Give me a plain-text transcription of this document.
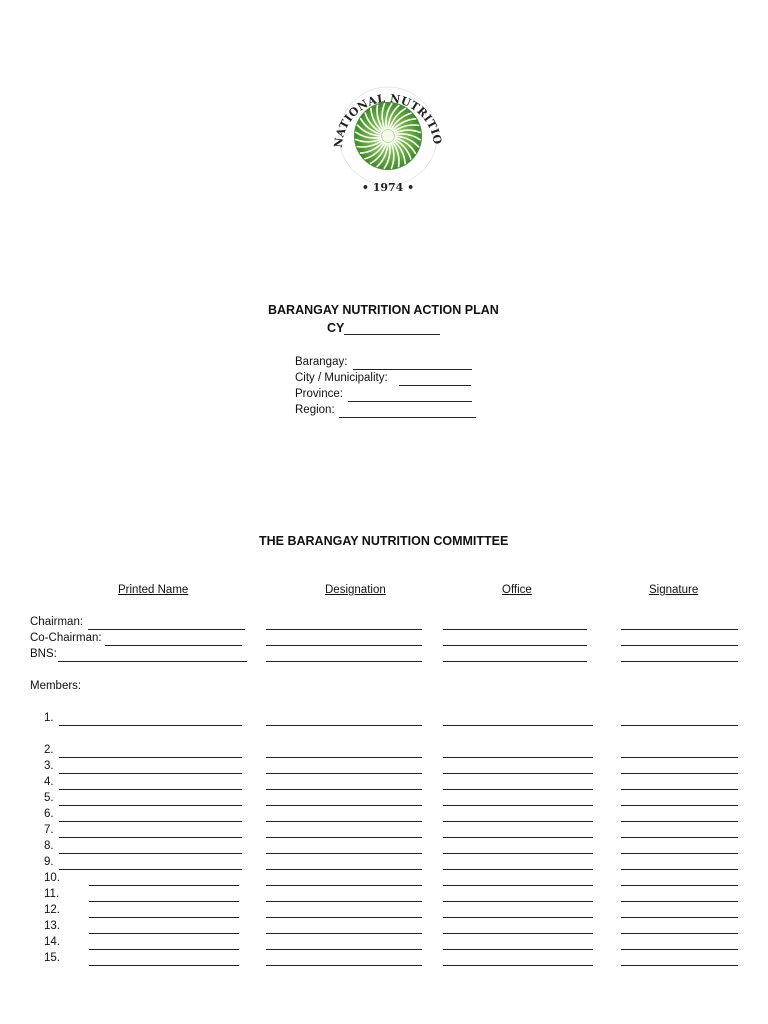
NATIONAL NUTRITIO
• 1974 •
BARANGAY NUTRITION ACTION PLAN
CY
Barangay:
City / Municipality:
Province:
Region:
THE BARANGAY NUTRITION COMMITTEE
Printed Name	Designation	Office	Signature
Chairman:
Co-Chairman:
BNS:
Members:
1.
2.
3.
4.
5.
6.
7.
8.
9.
10.
11.
12.
13.
14.
15.
